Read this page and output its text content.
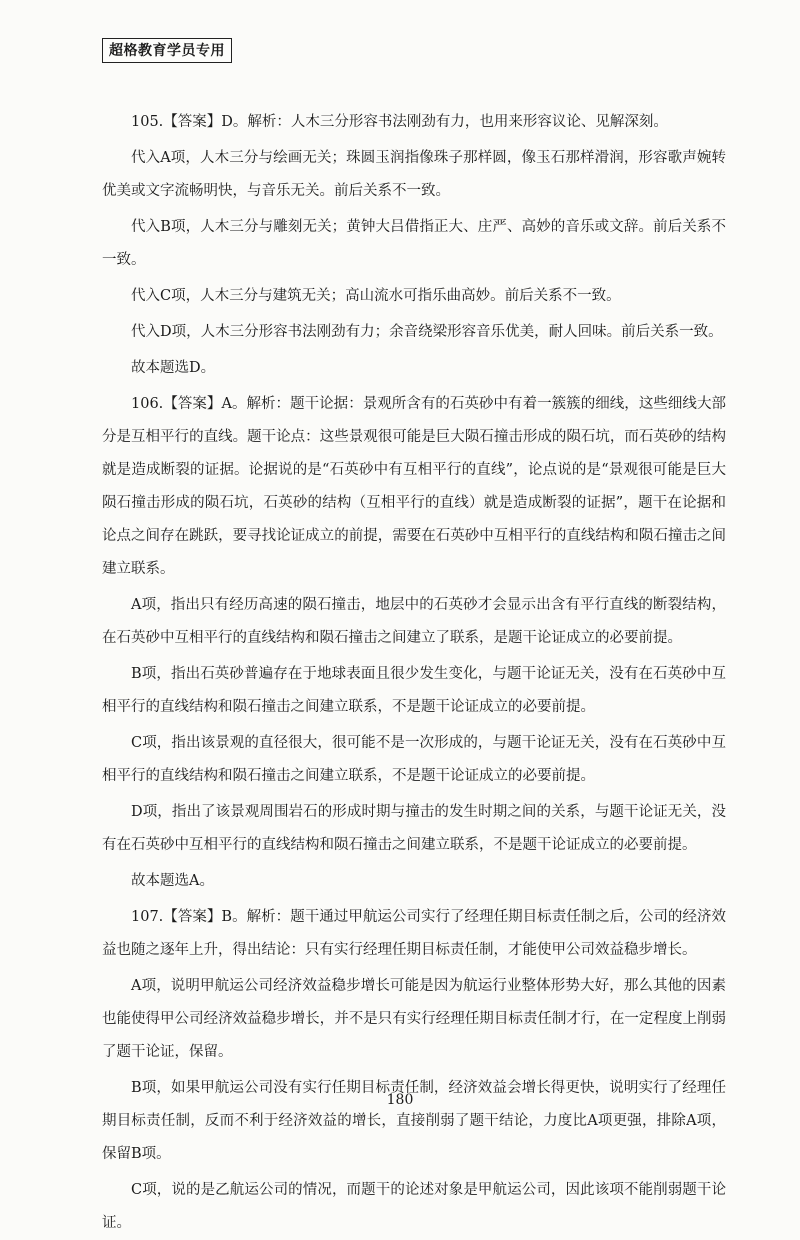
超格教育学员专用

105.【答案】D。解析：人木三分形容书法刚劲有力，也用来形容议论、见解深刻。

代入A项，人木三分与绘画无关；珠圆玉润指像珠子那样圆，像玉石那样滑润，形容歌声婉转优美或文字流畅明快，与音乐无关。前后关系不一致。

代入B项，人木三分与雕刻无关；黄钟大吕借指正大、庄严、高妙的音乐或文辞。前后关系不一致。

代入C项，人木三分与建筑无关；高山流水可指乐曲高妙。前后关系不一致。

代入D项，人木三分形容书法刚劲有力；余音绕梁形容音乐优美，耐人回味。前后关系一致。

故本题选D。

106.【答案】A。解析：题干论据：景观所含有的石英砂中有着一簇簇的细线，这些细线大部分是互相平行的直线。题干论点：这些景观很可能是巨大陨石撞击形成的陨石坑，而石英砂的结构就是造成断裂的证据。论据说的是“石英砂中有互相平行的直线”，论点说的是“景观很可能是巨大陨石撞击形成的陨石坑，石英砂的结构（互相平行的直线）就是造成断裂的证据”，题干在论据和论点之间存在跳跃，要寻找论证成立的前提，需要在石英砂中互相平行的直线结构和陨石撞击之间建立联系。

A项，指出只有经历高速的陨石撞击，地层中的石英砂才会显示出含有平行直线的断裂结构，在石英砂中互相平行的直线结构和陨石撞击之间建立了联系，是题干论证成立的必要前提。

B项，指出石英砂普遍存在于地球表面且很少发生变化，与题干论证无关，没有在石英砂中互相平行的直线结构和陨石撞击之间建立联系，不是题干论证成立的必要前提。

C项，指出该景观的直径很大，很可能不是一次形成的，与题干论证无关，没有在石英砂中互相平行的直线结构和陨石撞击之间建立联系，不是题干论证成立的必要前提。

D项，指出了该景观周围岩石的形成时期与撞击的发生时期之间的关系，与题干论证无关，没有在石英砂中互相平行的直线结构和陨石撞击之间建立联系，不是题干论证成立的必要前提。

故本题选A。

107.【答案】B。解析：题干通过甲航运公司实行了经理任期目标责任制之后，公司的经济效益也随之逐年上升，得出结论：只有实行经理任期目标责任制，才能使甲公司效益稳步增长。

A项，说明甲航运公司经济效益稳步增长可能是因为航运行业整体形势大好，那么其他的因素也能使得甲公司经济效益稳步增长，并不是只有实行经理任期目标责任制才行，在一定程度上削弱了题干论证，保留。

B项，如果甲航运公司没有实行任期目标责任制，经济效益会增长得更快，说明实行了经理任期目标责任制，反而不利于经济效益的增长，直接削弱了题干结论，力度比A项更强，排除A项，保留B项。

C项，说的是乙航运公司的情况，而题干的论述对象是甲航运公司，因此该项不能削弱题干论证。

180
